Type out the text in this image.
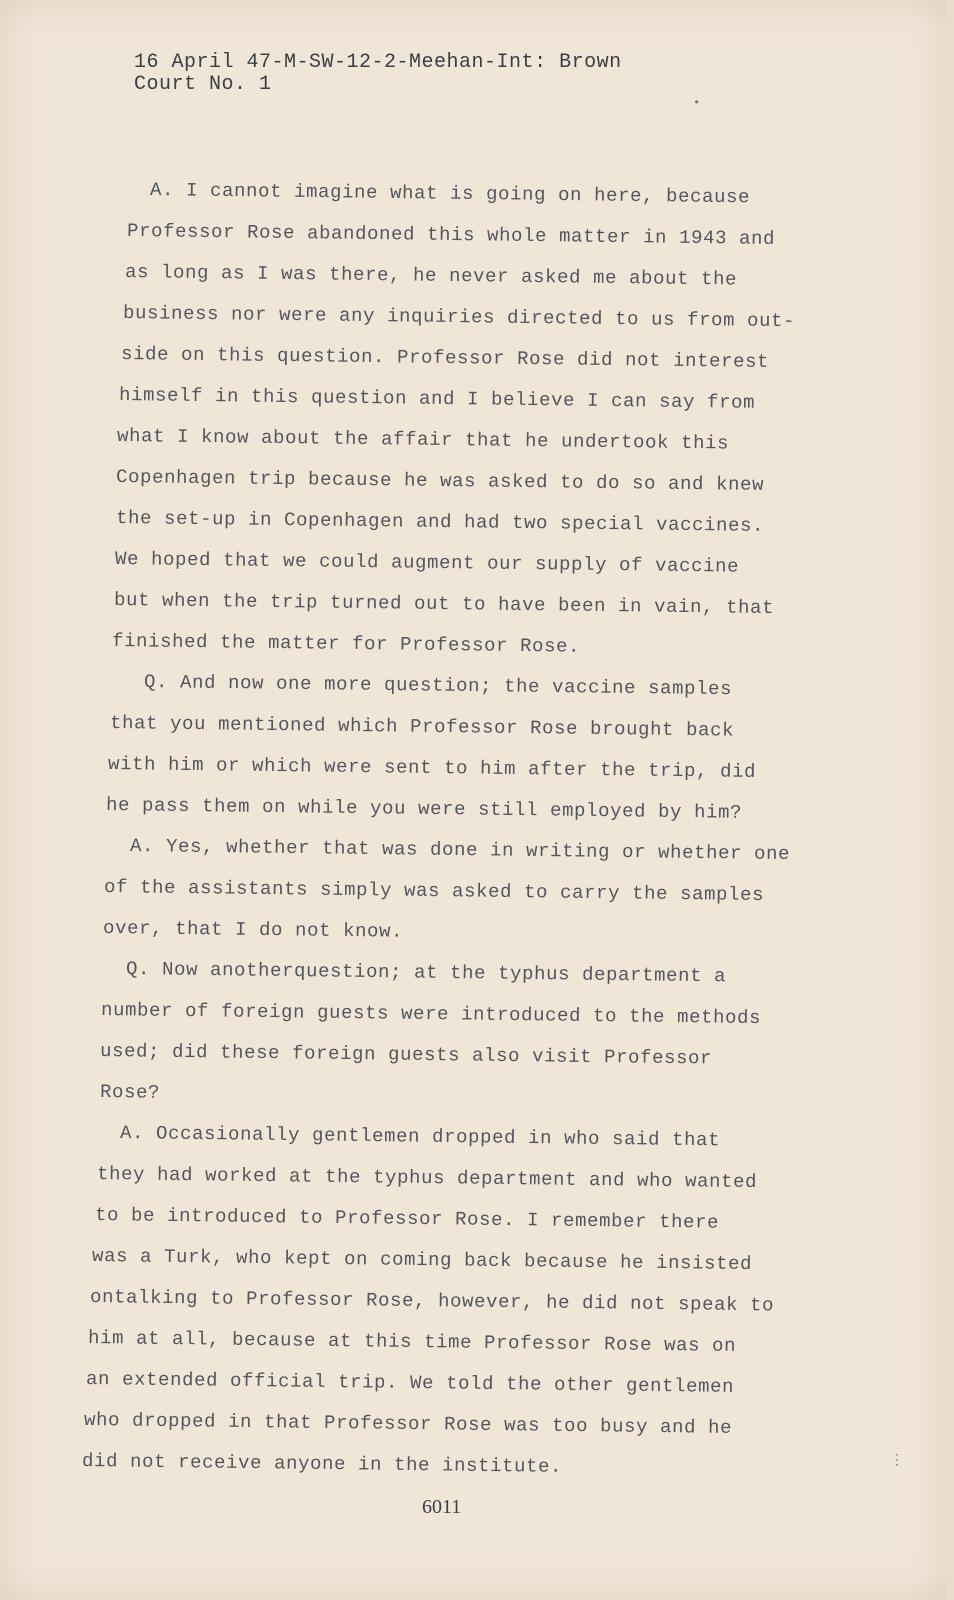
16 April 47-M-SW-12-2-Meehan-Int: Brown
Court No. 1
•
A. I cannot imagine what is going on here, because
Professor Rose abandoned this whole matter in 1943 and
as long as I was there, he never asked me about the
business nor were any inquiries directed to us from out-
side on this question. Professor Rose did not interest
himself in this question and I believe I can say from
what I know about the affair that he undertook this
Copenhagen trip because he was asked to do so and knew
the set-up in Copenhagen and had two special vaccines.
We hoped that we could augment our supply of vaccine
but when the trip turned out to have been in vain, that
finished the matter for Professor Rose.
Q. And now one more question; the vaccine samples
that you mentioned which Professor Rose brought back
with him or which were sent to him after the trip, did
he pass them on while you were still employed by him?
A. Yes, whether that was done in writing or whether one
of the assistants simply was asked to carry the samples
over, that I do not know.
Q. Now anotherquestion; at the typhus department a
number of foreign guests were introduced to the methods
used; did these foreign guests also visit Professor
Rose?
A. Occasionally gentlemen dropped in who said that
they had worked at the typhus department and who wanted
to be introduced to Professor Rose. I remember there
was a Turk, who kept on coming back because he insisted
ontalking to Professor Rose, however, he did not speak to
him at all, because at this time Professor Rose was on
an extended official trip. We told the other gentlemen
who dropped in that Professor Rose was too busy and he
did not receive anyone in the institute.	⋮
6011
